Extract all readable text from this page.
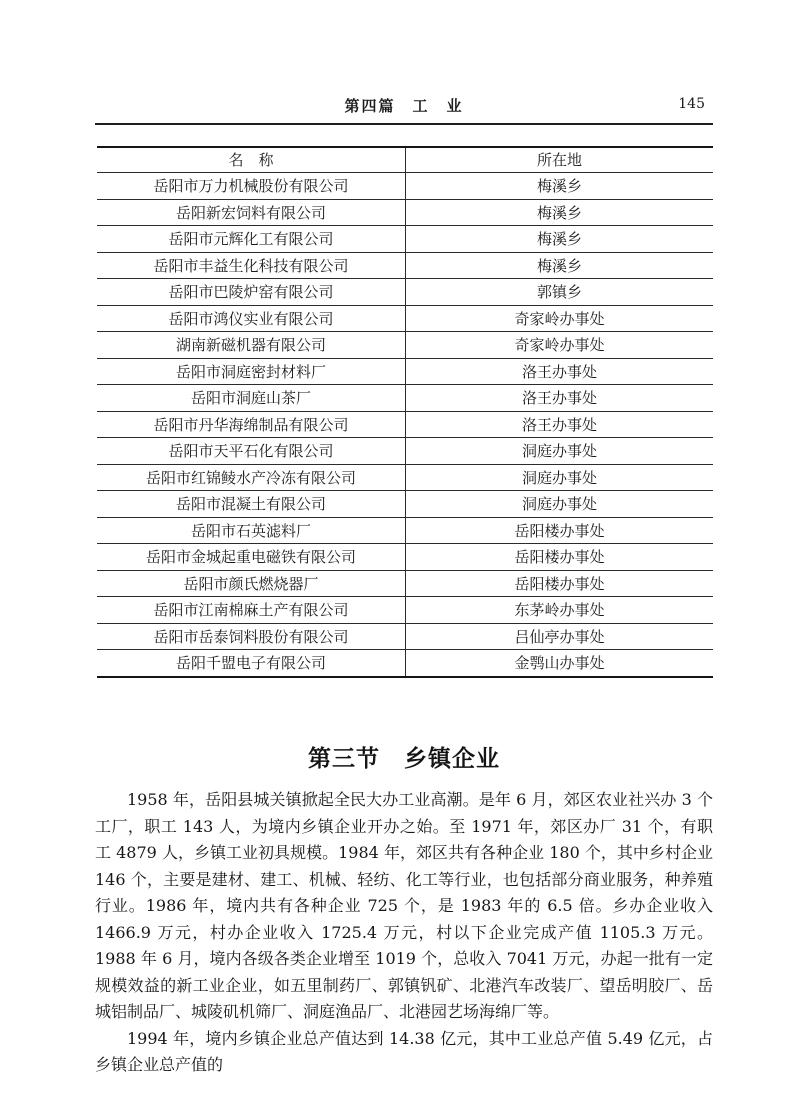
第四篇　工　业	145
名　称	所在地
岳阳市万力机械股份有限公司	梅溪乡
岳阳新宏饲料有限公司	梅溪乡
岳阳市元辉化工有限公司	梅溪乡
岳阳市丰益生化科技有限公司	梅溪乡
岳阳市巴陵炉窑有限公司	郭镇乡
岳阳市鸿仪实业有限公司	奇家岭办事处
湖南新磁机器有限公司	奇家岭办事处
岳阳市洞庭密封材料厂	洛王办事处
岳阳市洞庭山茶厂	洛王办事处
岳阳市丹华海绵制品有限公司	洛王办事处
岳阳市天平石化有限公司	洞庭办事处
岳阳市红锦鲮水产冷冻有限公司	洞庭办事处
岳阳市混凝土有限公司	洞庭办事处
岳阳市石英滤料厂	岳阳楼办事处
岳阳市金城起重电磁铁有限公司	岳阳楼办事处
岳阳市颜氏燃烧器厂	岳阳楼办事处
岳阳市江南棉麻土产有限公司	东茅岭办事处
岳阳市岳泰饲料股份有限公司	吕仙亭办事处
岳阳千盟电子有限公司	金鹗山办事处
第三节　乡镇企业

1958 年，岳阳县城关镇掀起全民大办工业高潮。是年 6 月，郊区农业社兴办 3 个工厂，职工 143 人，为境内乡镇企业开办之始。至 1971 年，郊区办厂 31 个，有职工 4879 人，乡镇工业初具规模。1984 年，郊区共有各种企业 180 个，其中乡村企业 146 个，主要是建材、建工、机械、轻纺、化工等行业，也包括部分商业服务，种养殖行业。1986 年，境内共有各种企业 725 个，是 1983 年的 6.5 倍。乡办企业收入 1466.9 万元，村办企业收入 1725.4 万元，村以下企业完成产值 1105.3 万元。1988 年 6 月，境内各级各类企业增至 1019 个，总收入 7041 万元，办起一批有一定规模效益的新工业企业，如五里制药厂、郭镇钒矿、北港汽车改装厂、望岳明胶厂、岳城铝制品厂、城陵矶机筛厂、洞庭渔品厂、北港园艺场海绵厂等。

1994 年，境内乡镇企业总产值达到 14.38 亿元，其中工业总产值 5.49 亿元，占乡镇企业总产值的
